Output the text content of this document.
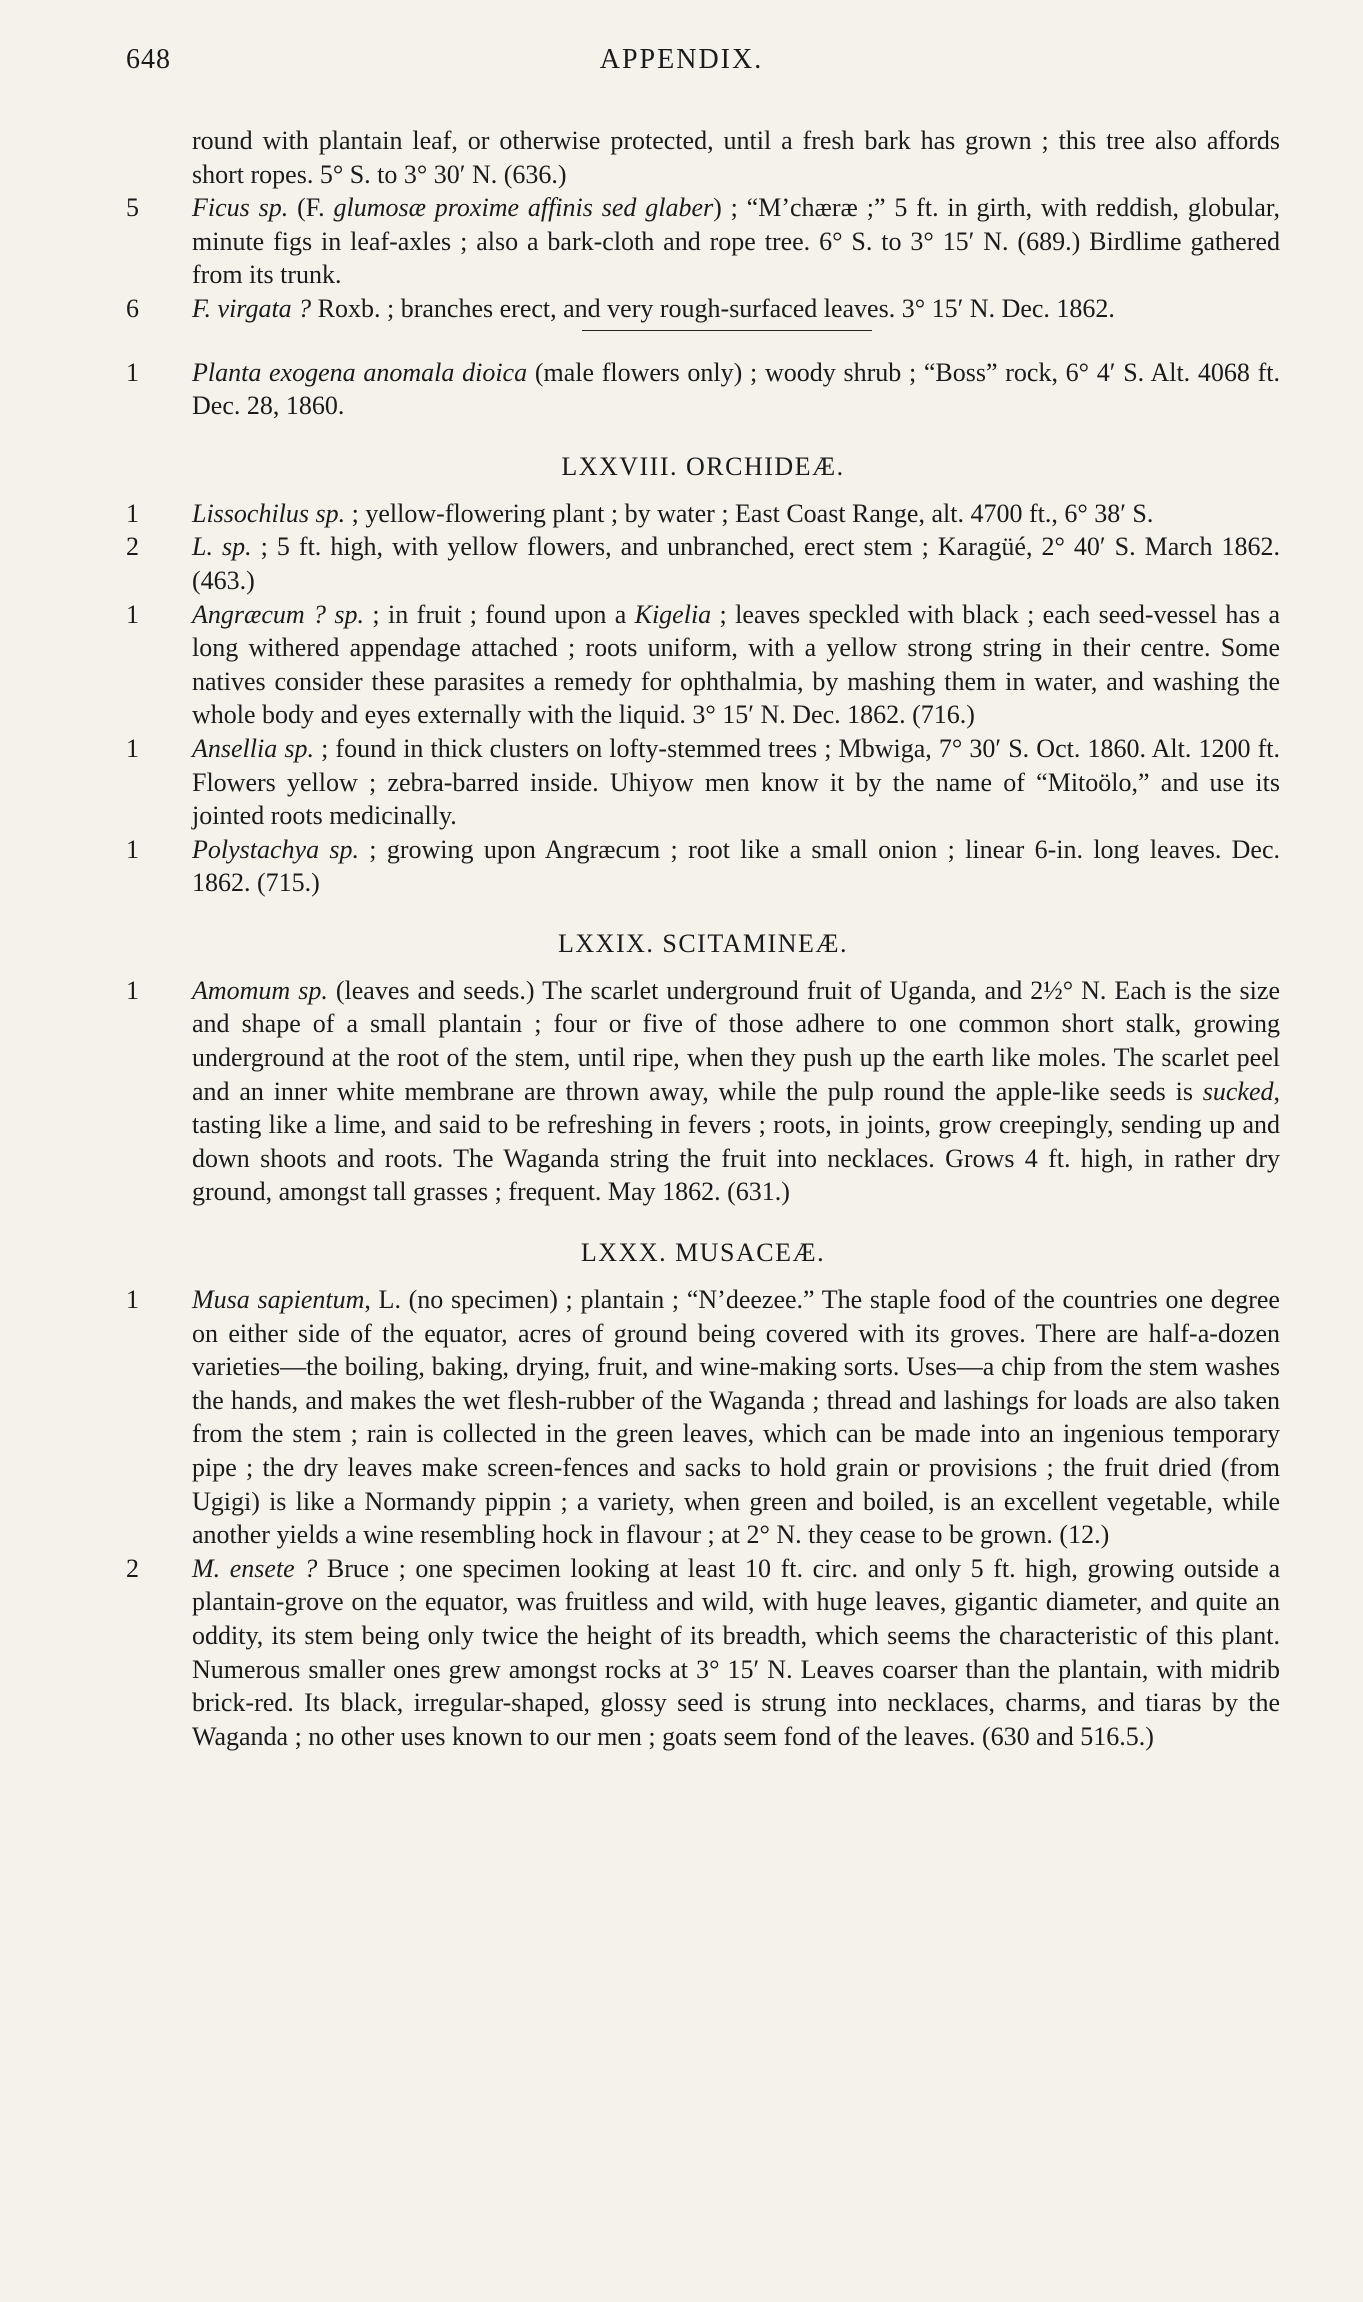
648	APPENDIX.
round with plantain leaf, or otherwise protected, until a fresh bark has grown ; this tree also affords short ropes. 5° S. to 3° 30′ N. (636.)
5 Ficus sp. (F. glumosæ proxime affinis sed glaber) ; “M’chæræ ;” 5 ft. in girth, with reddish, globular, minute figs in leaf-axles ; also a bark-cloth and rope tree. 6° S. to 3° 15′ N. (689.) Birdlime gathered from its trunk.
6 F. virgata ? Roxb. ; branches erect, and very rough-surfaced leaves. 3° 15′ N. Dec. 1862.
1 Planta exogena anomala dioica (male flowers only) ; woody shrub ; “Boss” rock, 6° 4′ S. Alt. 4068 ft. Dec. 28, 1860.
LXXVIII. ORCHIDEÆ.
1 Lissochilus sp. ; yellow-flowering plant ; by water ; East Coast Range, alt. 4700 ft., 6° 38′ S.
2 L. sp. ; 5 ft. high, with yellow flowers, and unbranched, erect stem ; Karagüé, 2° 40′ S. March 1862. (463.)
1 Angræcum ? sp. ; in fruit ; found upon a Kigelia ; leaves speckled with black ; each seed-vessel has a long withered appendage attached ; roots uniform, with a yellow strong string in their centre. Some natives consider these parasites a remedy for ophthalmia, by mashing them in water, and washing the whole body and eyes externally with the liquid. 3° 15′ N. Dec. 1862. (716.)
1 Ansellia sp. ; found in thick clusters on lofty-stemmed trees ; Mbwiga, 7° 30′ S. Oct. 1860. Alt. 1200 ft. Flowers yellow ; zebra-barred inside. Uhiyow men know it by the name of “Mitoölo,” and use its jointed roots medicinally.
1 Polystachya sp. ; growing upon Angræcum ; root like a small onion ; linear 6-in. long leaves. Dec. 1862. (715.)
LXXIX. SCITAMINEÆ.
1 Amomum sp. (leaves and seeds.) The scarlet underground fruit of Uganda, and 2½° N. Each is the size and shape of a small plantain ; four or five of those adhere to one common short stalk, growing underground at the root of the stem, until ripe, when they push up the earth like moles. The scarlet peel and an inner white membrane are thrown away, while the pulp round the apple-like seeds is sucked, tasting like a lime, and said to be refreshing in fevers ; roots, in joints, grow creepingly, sending up and down shoots and roots. The Waganda string the fruit into necklaces. Grows 4 ft. high, in rather dry ground, amongst tall grasses ; frequent. May 1862. (631.)
LXXX. MUSACEÆ.
1 Musa sapientum, L. (no specimen) ; plantain ; “N’deezee.” The staple food of the countries one degree on either side of the equator, acres of ground being covered with its groves. There are half-a-dozen varieties—the boiling, baking, drying, fruit, and wine-making sorts. Uses—a chip from the stem washes the hands, and makes the wet flesh-rubber of the Waganda ; thread and lashings for loads are also taken from the stem ; rain is collected in the green leaves, which can be made into an ingenious temporary pipe ; the dry leaves make screen-fences and sacks to hold grain or provisions ; the fruit dried (from Ugigi) is like a Normandy pippin ; a variety, when green and boiled, is an excellent vegetable, while another yields a wine resembling hock in flavour ; at 2° N. they cease to be grown. (12.)
2 M. ensete ? Bruce ; one specimen looking at least 10 ft. circ. and only 5 ft. high, growing outside a plantain-grove on the equator, was fruitless and wild, with huge leaves, gigantic diameter, and quite an oddity, its stem being only twice the height of its breadth, which seems the characteristic of this plant. Numerous smaller ones grew amongst rocks at 3° 15′ N. Leaves coarser than the plantain, with midrib brick-red. Its black, irregular-shaped, glossy seed is strung into necklaces, charms, and tiaras by the Waganda ; no other uses known to our men ; goats seem fond of the leaves. (630 and 516.5.)
